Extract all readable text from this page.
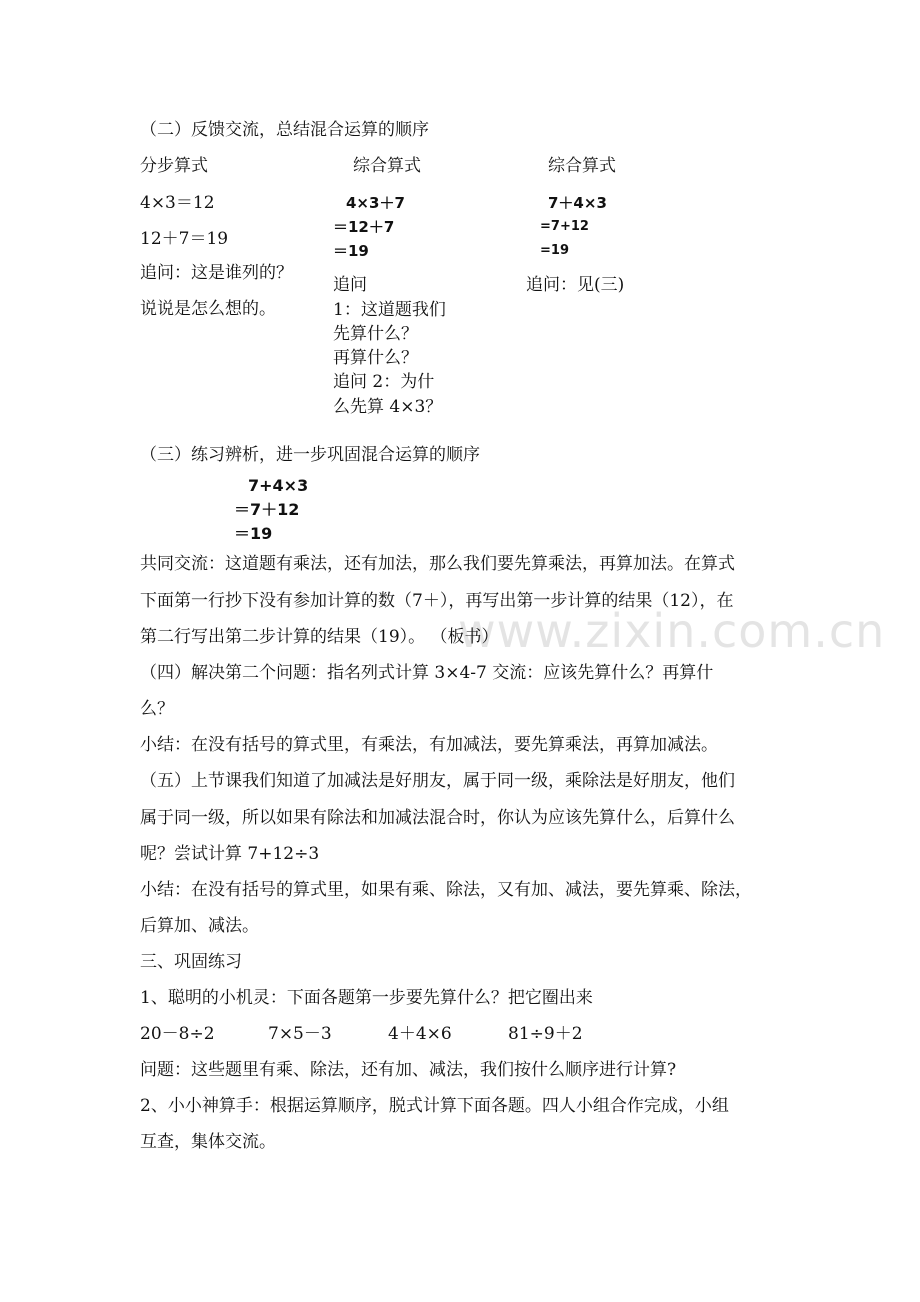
www.zixin.com.cn
（二）反馈交流，总结混合运算的顺序
分步算式	综合算式	综合算式
4×3＝12
12＋7＝19
追问：这是谁列的？
说说是怎么想的。
4×3＋7
＝12＋7
＝19
追问
1：这道题我们
先算什么？
再算什么？
追问 2：为什
么先算 4×3？
7＋4×3
=7+12
=19
追问：见(三)
（三）练习辨析，进一步巩固混合运算的顺序
7+4×3
＝7＋12
＝19
共同交流：这道题有乘法，还有加法，那么我们要先算乘法，再算加法。在算式
下面第一行抄下没有参加计算的数（7＋），再写出第一步计算的结果（12），在
第二行写出第二步计算的结果（19）。 （板书）
（四）解决第二个问题：指名列式计算 3×4-7 交流：应该先算什么？再算什
么？
小结：在没有括号的算式里，有乘法，有加减法，要先算乘法，再算加减法。
（五）上节课我们知道了加减法是好朋友，属于同一级，乘除法是好朋友，他们
属于同一级，所以如果有除法和加减法混合时，你认为应该先算什么，后算什么
呢？尝试计算 7+12÷3
小结：在没有括号的算式里，如果有乘、除法，又有加、减法，要先算乘、除法，
后算加、减法。
三、巩固练习
1、聪明的小机灵：下面各题第一步要先算什么？把它圈出来
20－8÷2	7×5－3	4＋4×6	81÷9＋2
问题：这些题里有乘、除法，还有加、减法，我们按什么顺序进行计算?
2、小小神算手：根据运算顺序，脱式计算下面各题。四人小组合作完成，小组
互查，集体交流。
